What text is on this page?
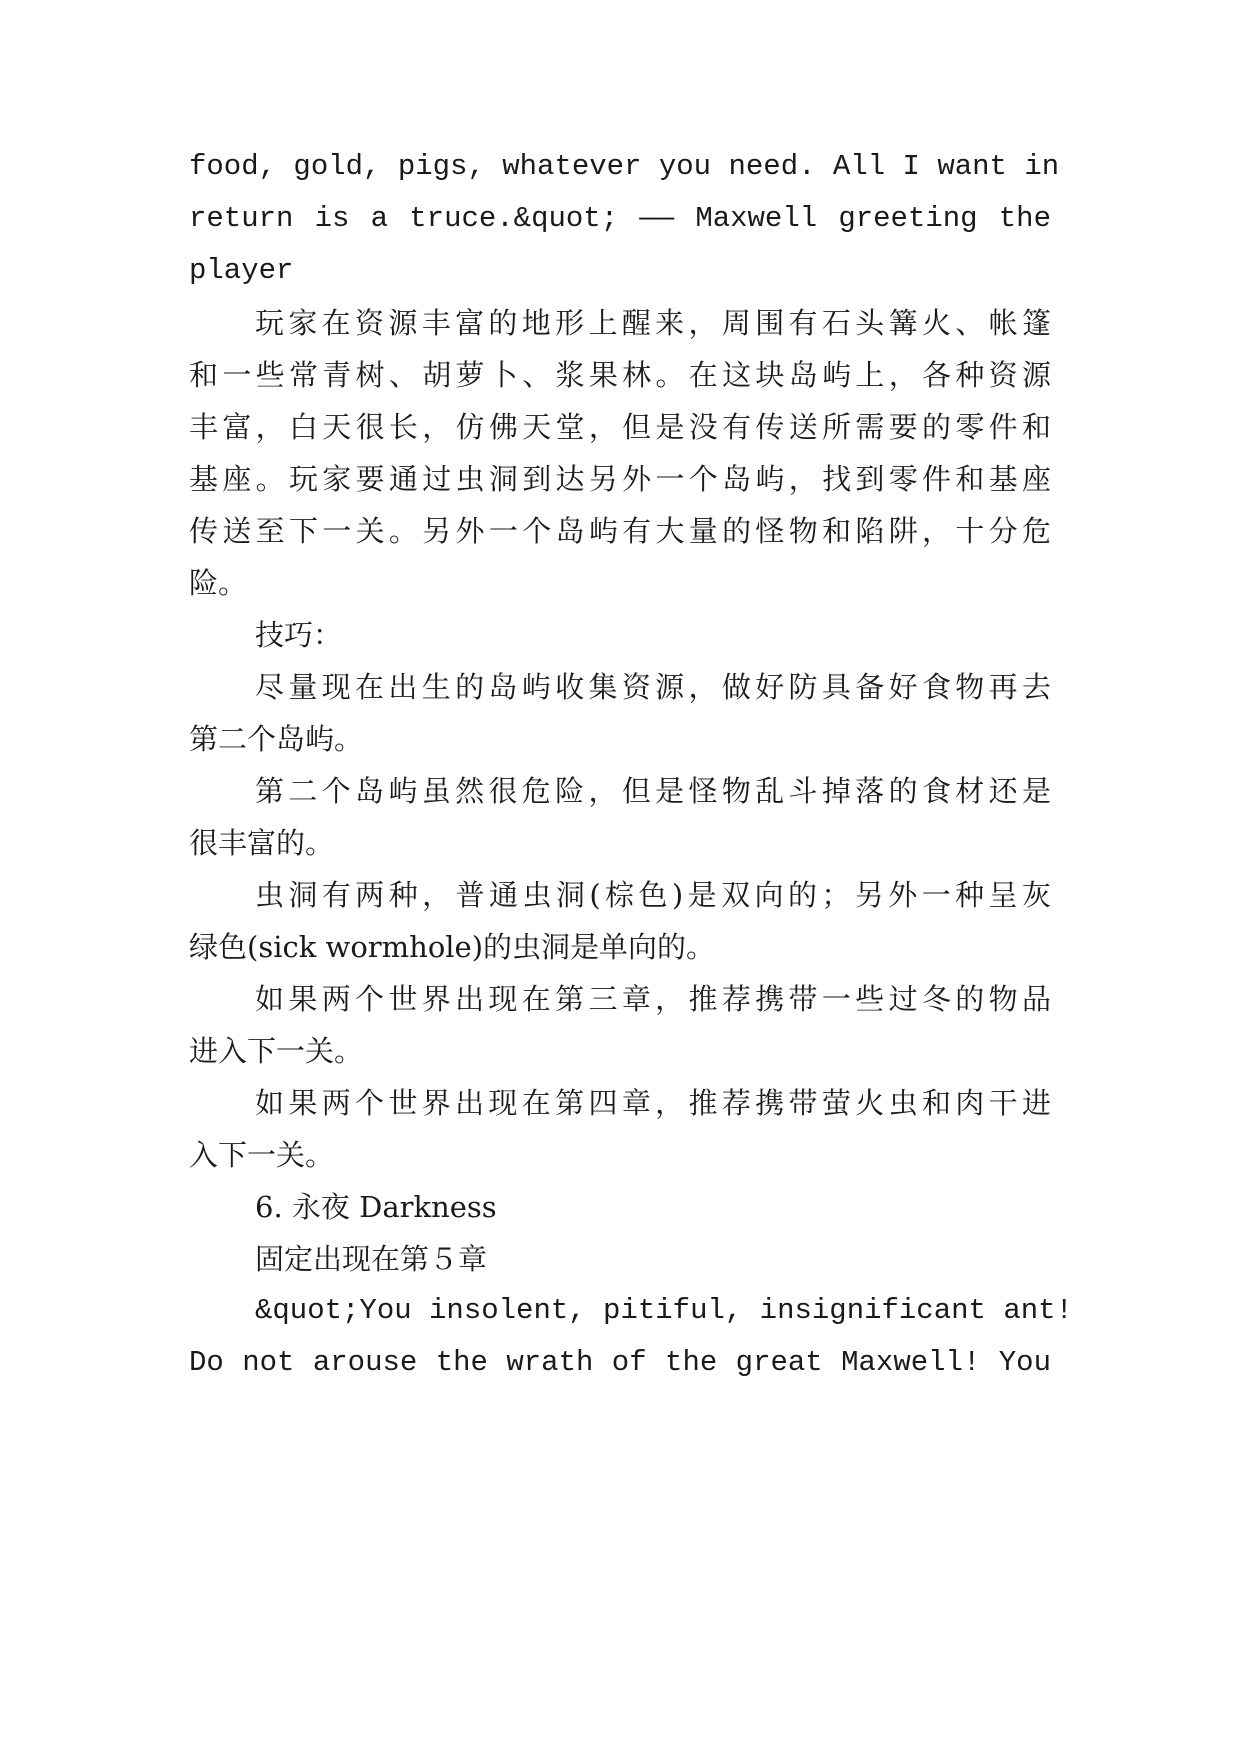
food, gold, pigs, whatever you need. All I want in
return is a truce.&quot; —— Maxwell greeting the
player
玩家在资源丰富的地形上醒来，周围有石头篝火、帐篷
和一些常青树、胡萝卜、浆果林。在这块岛屿上，各种资源
丰富，白天很长，仿佛天堂，但是没有传送所需要的零件和
基座。玩家要通过虫洞到达另外一个岛屿，找到零件和基座
传送至下一关。另外一个岛屿有大量的怪物和陷阱，十分危
险。
技巧：
尽量现在出生的岛屿收集资源，做好防具备好食物再去
第二个岛屿。
第二个岛屿虽然很危险，但是怪物乱斗掉落的食材还是
很丰富的。
虫洞有两种，普通虫洞(棕色)是双向的；另外一种呈灰
绿色(sick wormhole)的虫洞是单向的。
如果两个世界出现在第三章，推荐携带一些过冬的物品
进入下一关。
如果两个世界出现在第四章，推荐携带萤火虫和肉干进
入下一关。
6. 永夜 Darkness
固定出现在第５章
&quot;You insolent, pitiful, insignificant ant!
Do not arouse the wrath of the great Maxwell! You
